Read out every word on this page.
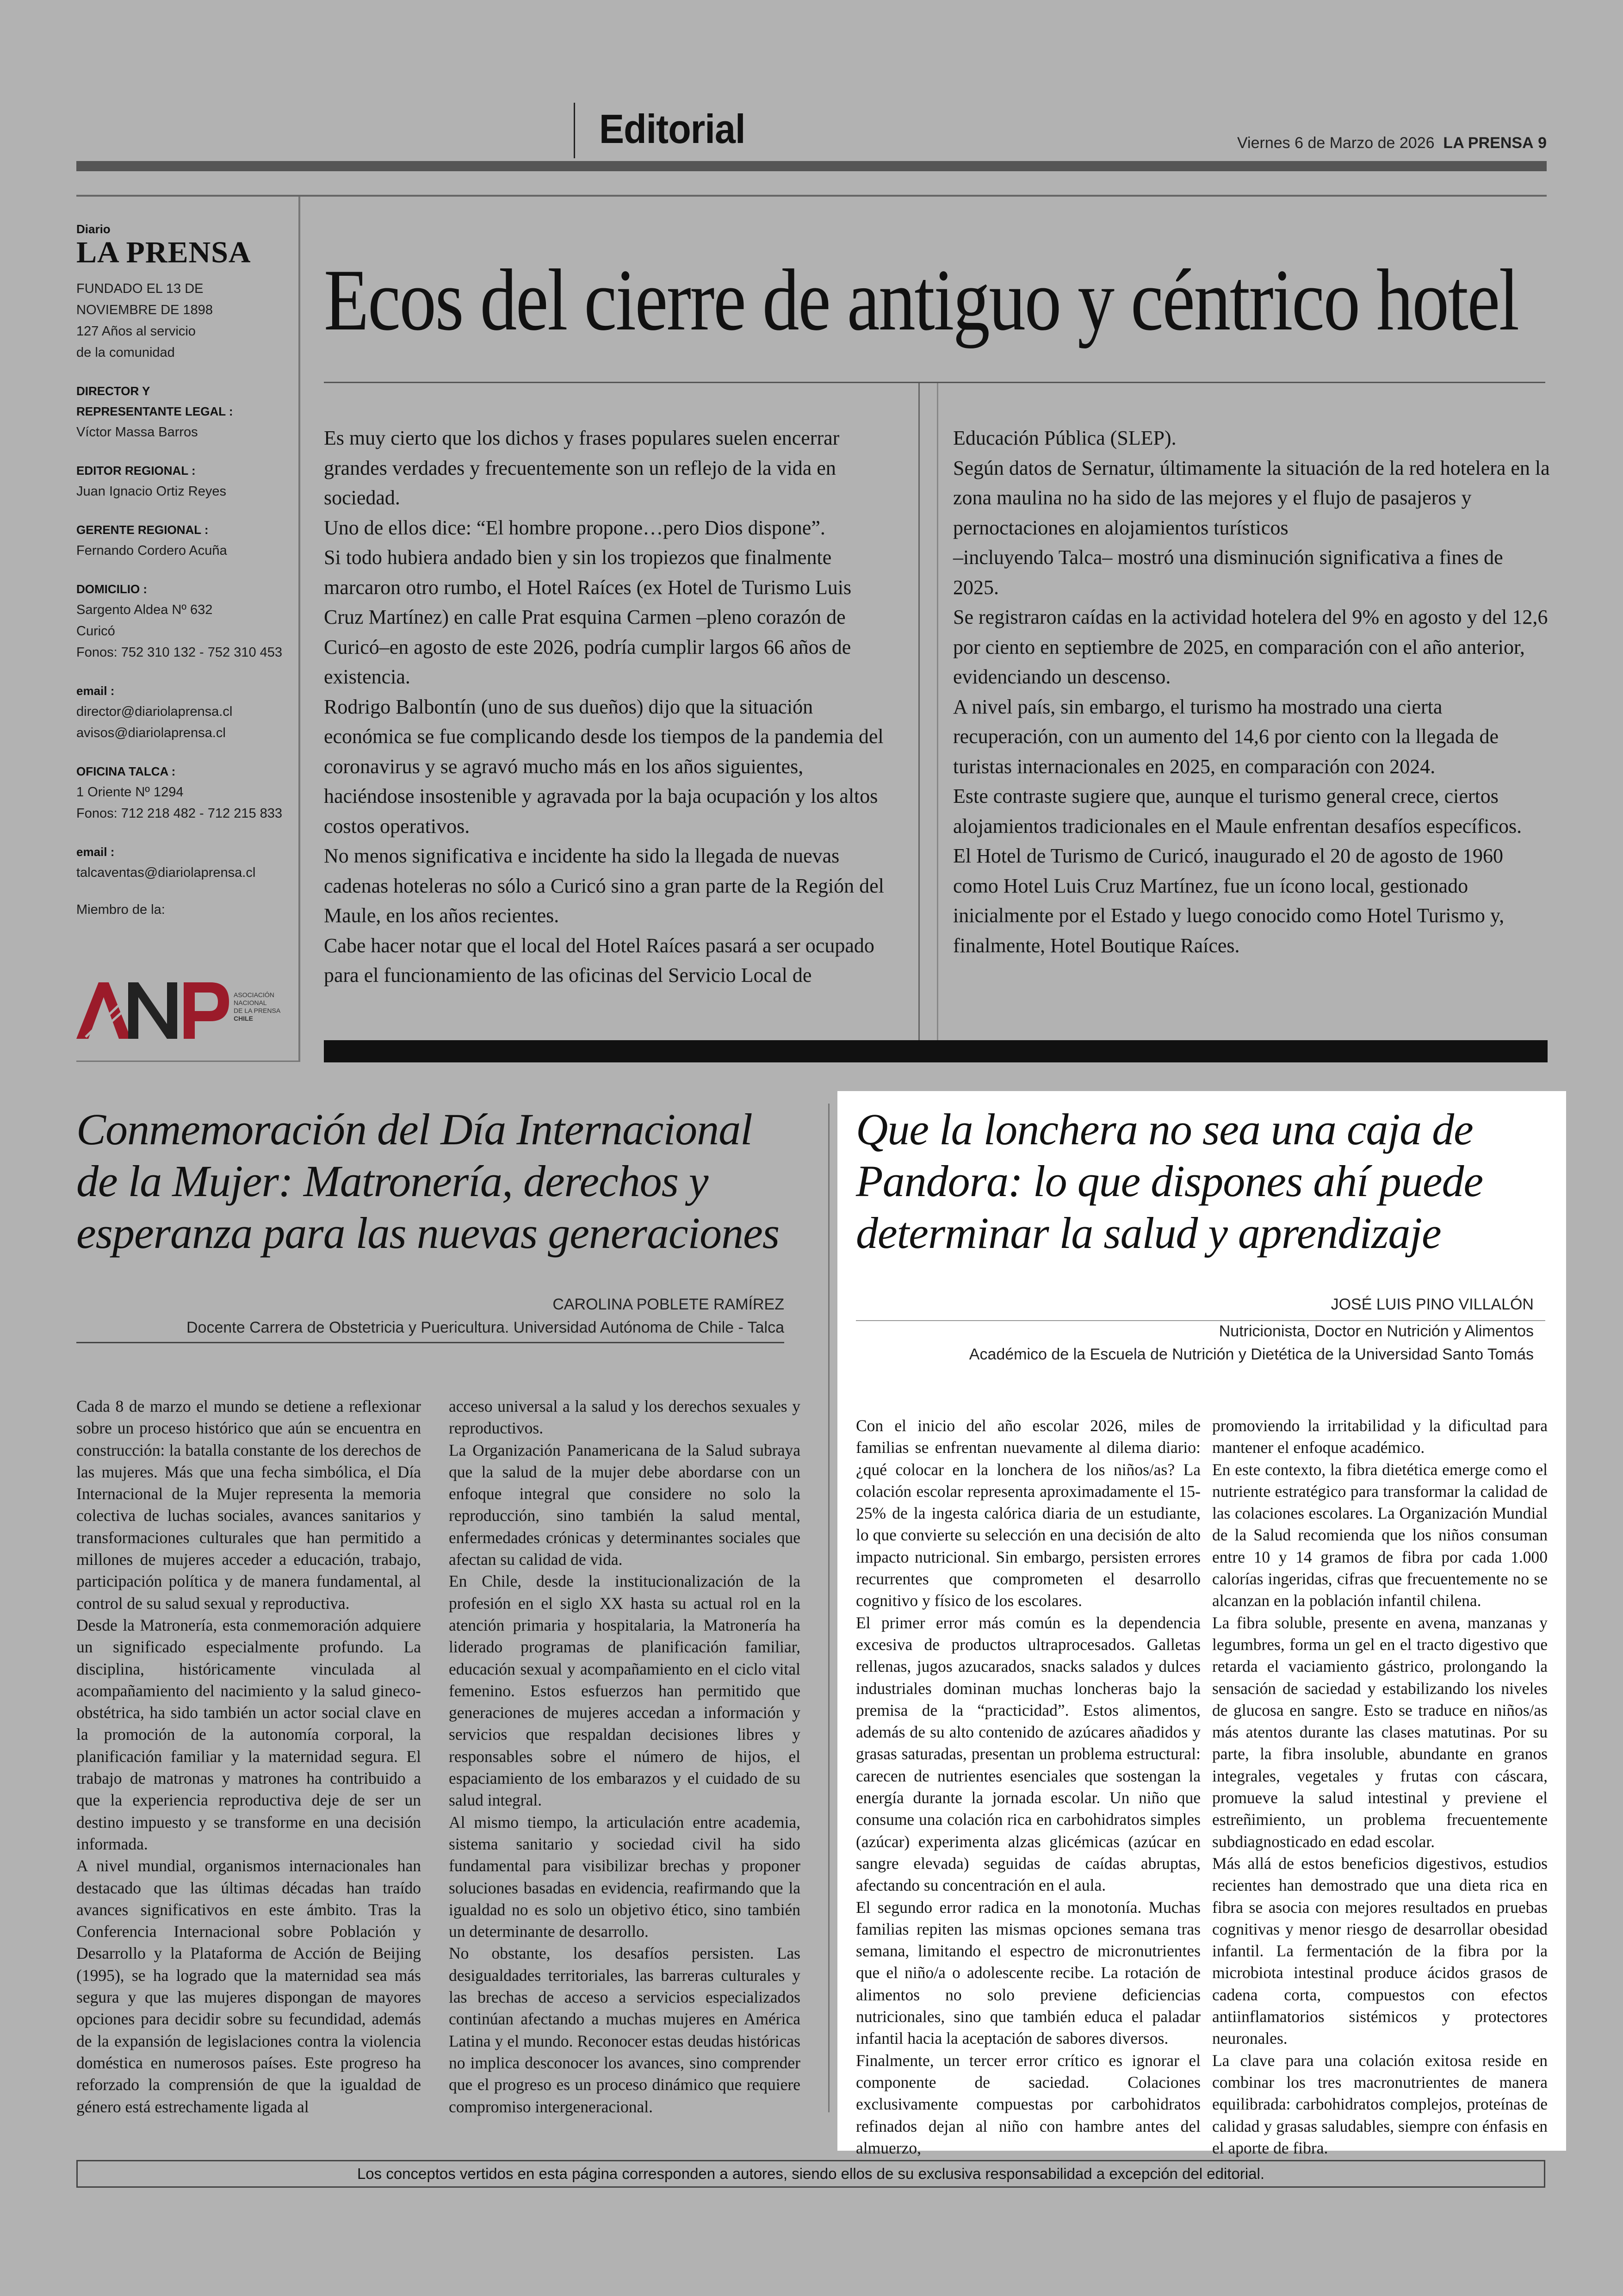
Editorial	Viernes 6 de Marzo de 2026 LA PRENSA 9
Diario
LA PRENSA
FUNDADO EL 13 DE
NOVIEMBRE DE 1898
127 Años al servicio
de la comunidad
DIRECTOR Y
REPRESENTANTE LEGAL :
Víctor Massa Barros
EDITOR REGIONAL :
Juan Ignacio Ortiz Reyes
GERENTE REGIONAL :
Fernando Cordero Acuña
DOMICILIO :
Sargento Aldea Nº 632
Curicó
Fonos: 752 310 132 - 752 310 453
email :
director@diariolaprensa.cl
avisos@diariolaprensa.cl
OFICINA TALCA :
1 Oriente Nº 1294
Fonos: 712 218 482 - 712 215 833
email :
talcaventas@diariolaprensa.cl
Miembro de la:
ASOCIACIÓN
NACIONAL
DE LA PRENSA
CHILE
Ecos del cierre de antiguo y céntrico hotel

Es muy cierto que los dichos y frases populares suelen encerrar grandes verdades y frecuentemente son un reflejo de la vida en sociedad.

Uno de ellos dice: “El hombre propone…pero Dios dispone”.

Si todo hubiera andado bien y sin los tropiezos que finalmente marcaron otro rumbo, el Hotel Raíces (ex Hotel de Turismo Luis Cruz Martínez) en calle Prat esquina Carmen –pleno corazón de Curicó–en agosto de este 2026, podría cumplir largos 66 años de existencia.

Rodrigo Balbontín (uno de sus dueños) dijo que la situación económica se fue complicando desde los tiempos de la pandemia del coronavirus y se agravó mucho más en los años siguientes, haciéndose insostenible y agravada por la baja ocupación y los altos costos operativos.

No menos significativa e incidente ha sido la llegada de nuevas cadenas hoteleras no sólo a Curicó sino a gran parte de la Región del Maule, en los años recientes.

Cabe hacer notar que el local del Hotel Raíces pasará a ser ocupado para el funcionamiento de las oficinas del Servicio Local de

Educación Pública (SLEP).

Según datos de Sernatur, últimamente la situación de la red hotelera en la zona maulina no ha sido de las mejores y el flujo de pasajeros y pernoctaciones en alojamientos turísticos

–incluyendo Talca– mostró una disminución significativa a fines de 2025.

Se registraron caídas en la actividad hotelera del 9% en agosto y del 12,6 por ciento en septiembre de 2025, en comparación con el año anterior, evidenciando un descenso.

A nivel país, sin embargo, el turismo ha mostrado una cierta recuperación, con un aumento del 14,6 por ciento con la llegada de turistas internacionales en 2025, en comparación con 2024.

Este contraste sugiere que, aunque el turismo general crece, ciertos alojamientos tradicionales en el Maule enfrentan desafíos específicos.

El Hotel de Turismo de Curicó, inaugurado el 20 de agosto de 1960 como Hotel Luis Cruz Martínez, fue un ícono local, gestionado inicialmente por el Estado y luego conocido como Hotel Turismo y, finalmente, Hotel Boutique Raíces.

Conmemoración del Día Internacional de la Mujer: Matronería, derechos y esperanza para las nuevas generaciones
CAROLINA POBLETE RAMÍREZ
Docente Carrera de Obstetricia y Puericultura. Universidad Autónoma de Chile - Talca

Cada 8 de marzo el mundo se detiene a reflexionar sobre un proceso histórico que aún se encuentra en construcción: la batalla constante de los derechos de las mujeres. Más que una fecha simbólica, el Día Internacional de la Mujer representa la memoria colectiva de luchas sociales, avances sanitarios y transformaciones culturales que han permitido a millones de mujeres acceder a educación, trabajo, participación política y de manera fundamental, al control de su salud sexual y reproductiva.

Desde la Matronería, esta conmemoración adquiere un significado especialmente profundo. La disciplina, históricamente vinculada al acompañamiento del nacimiento y la salud gineco-obstétrica, ha sido también un actor social clave en la promoción de la autonomía corporal, la planificación familiar y la maternidad segura. El trabajo de matronas y matrones ha contribuido a que la experiencia reproductiva deje de ser un destino impuesto y se transforme en una decisión informada.

A nivel mundial, organismos internacionales han destacado que las últimas décadas han traído avances significativos en este ámbito. Tras la Conferencia Internacional sobre Población y Desarrollo y la Plataforma de Acción de Beijing (1995), se ha logrado que la maternidad sea más segura y que las mujeres dispongan de mayores opciones para decidir sobre su fecundidad, además de la expansión de legislaciones contra la violencia doméstica en numerosos países. Este progreso ha reforzado la comprensión de que la igualdad de género está estrechamente ligada al

acceso universal a la salud y los derechos sexuales y reproductivos.

La Organización Panamericana de la Salud subraya que la salud de la mujer debe abordarse con un enfoque integral que considere no solo la reproducción, sino también la salud mental, enfermedades crónicas y determinantes sociales que afectan su calidad de vida.

En Chile, desde la institucionalización de la profesión en el siglo XX hasta su actual rol en la atención primaria y hospitalaria, la Matronería ha liderado programas de planificación familiar, educación sexual y acompañamiento en el ciclo vital femenino. Estos esfuerzos han permitido que generaciones de mujeres accedan a información y servicios que respaldan decisiones libres y responsables sobre el número de hijos, el espaciamiento de los embarazos y el cuidado de su salud integral.

Al mismo tiempo, la articulación entre academia, sistema sanitario y sociedad civil ha sido fundamental para visibilizar brechas y proponer soluciones basadas en evidencia, reafirmando que la igualdad no es solo un objetivo ético, sino también un determinante de desarrollo.

No obstante, los desafíos persisten. Las desigualdades territoriales, las barreras culturales y las brechas de acceso a servicios especializados continúan afectando a muchas mujeres en América Latina y el mundo. Reconocer estas deudas históricas no implica desconocer los avances, sino comprender que el progreso es un proceso dinámico que requiere compromiso intergeneracional.

Que la lonchera no sea una caja de Pandora: lo que dispones ahí puede determinar la salud y aprendizaje
JOSÉ LUIS PINO VILLALÓN
Nutricionista, Doctor en Nutrición y Alimentos
Académico de la Escuela de Nutrición y Dietética de la Universidad Santo Tomás

Con el inicio del año escolar 2026, miles de familias se enfrentan nuevamente al dilema diario: ¿qué colocar en la lonchera de los niños/as? La colación escolar representa aproximadamente el 15-25% de la ingesta calórica diaria de un estudiante, lo que convierte su selección en una decisión de alto impacto nutricional. Sin embargo, persisten errores recurrentes que comprometen el desarrollo cognitivo y físico de los escolares.

El primer error más común es la dependencia excesiva de productos ultraprocesados. Galletas rellenas, jugos azucarados, snacks salados y dulces industriales dominan muchas loncheras bajo la premisa de la “practicidad”. Estos alimentos, además de su alto contenido de azúcares añadidos y grasas saturadas, presentan un problema estructural: carecen de nutrientes esenciales que sostengan la energía durante la jornada escolar. Un niño que consume una colación rica en carbohidratos simples (azúcar) experimenta alzas glicémicas (azúcar en sangre elevada) seguidas de caídas abruptas, afectando su concentración en el aula.

El segundo error radica en la monotonía. Muchas familias repiten las mismas opciones semana tras semana, limitando el espectro de micronutrientes que el niño/a o adolescente recibe. La rotación de alimentos no solo previene deficiencias nutricionales, sino que también educa el paladar infantil hacia la aceptación de sabores diversos.

Finalmente, un tercer error crítico es ignorar el componente de saciedad. Colaciones exclusivamente compuestas por carbohidratos refinados dejan al niño con hambre antes del almuerzo,

promoviendo la irritabilidad y la dificultad para mantener el enfoque académico.

En este contexto, la fibra dietética emerge como el nutriente estratégico para transformar la calidad de las colaciones escolares. La Organización Mundial de la Salud recomienda que los niños consuman entre 10 y 14 gramos de fibra por cada 1.000 calorías ingeridas, cifras que frecuentemente no se alcanzan en la población infantil chilena.

La fibra soluble, presente en avena, manzanas y legumbres, forma un gel en el tracto digestivo que retarda el vaciamiento gástrico, prolongando la sensación de saciedad y estabilizando los niveles de glucosa en sangre. Esto se traduce en niños/as más atentos durante las clases matutinas. Por su parte, la fibra insoluble, abundante en granos integrales, vegetales y frutas con cáscara, promueve la salud intestinal y previene el estreñimiento, un problema frecuentemente subdiagnosticado en edad escolar.

Más allá de estos beneficios digestivos, estudios recientes han demostrado que una dieta rica en fibra se asocia con mejores resultados en pruebas cognitivas y menor riesgo de desarrollar obesidad infantil. La fermentación de la fibra por la microbiota intestinal produce ácidos grasos de cadena corta, compuestos con efectos antiinflamatorios sistémicos y protectores neuronales.

La clave para una colación exitosa reside en combinar los tres macronutrientes de manera equilibrada: carbohidratos complejos, proteínas de calidad y grasas saludables, siempre con énfasis en el aporte de fibra.

Los conceptos vertidos en esta página corresponden a autores, siendo ellos de su exclusiva responsabilidad a excepción del editorial.
